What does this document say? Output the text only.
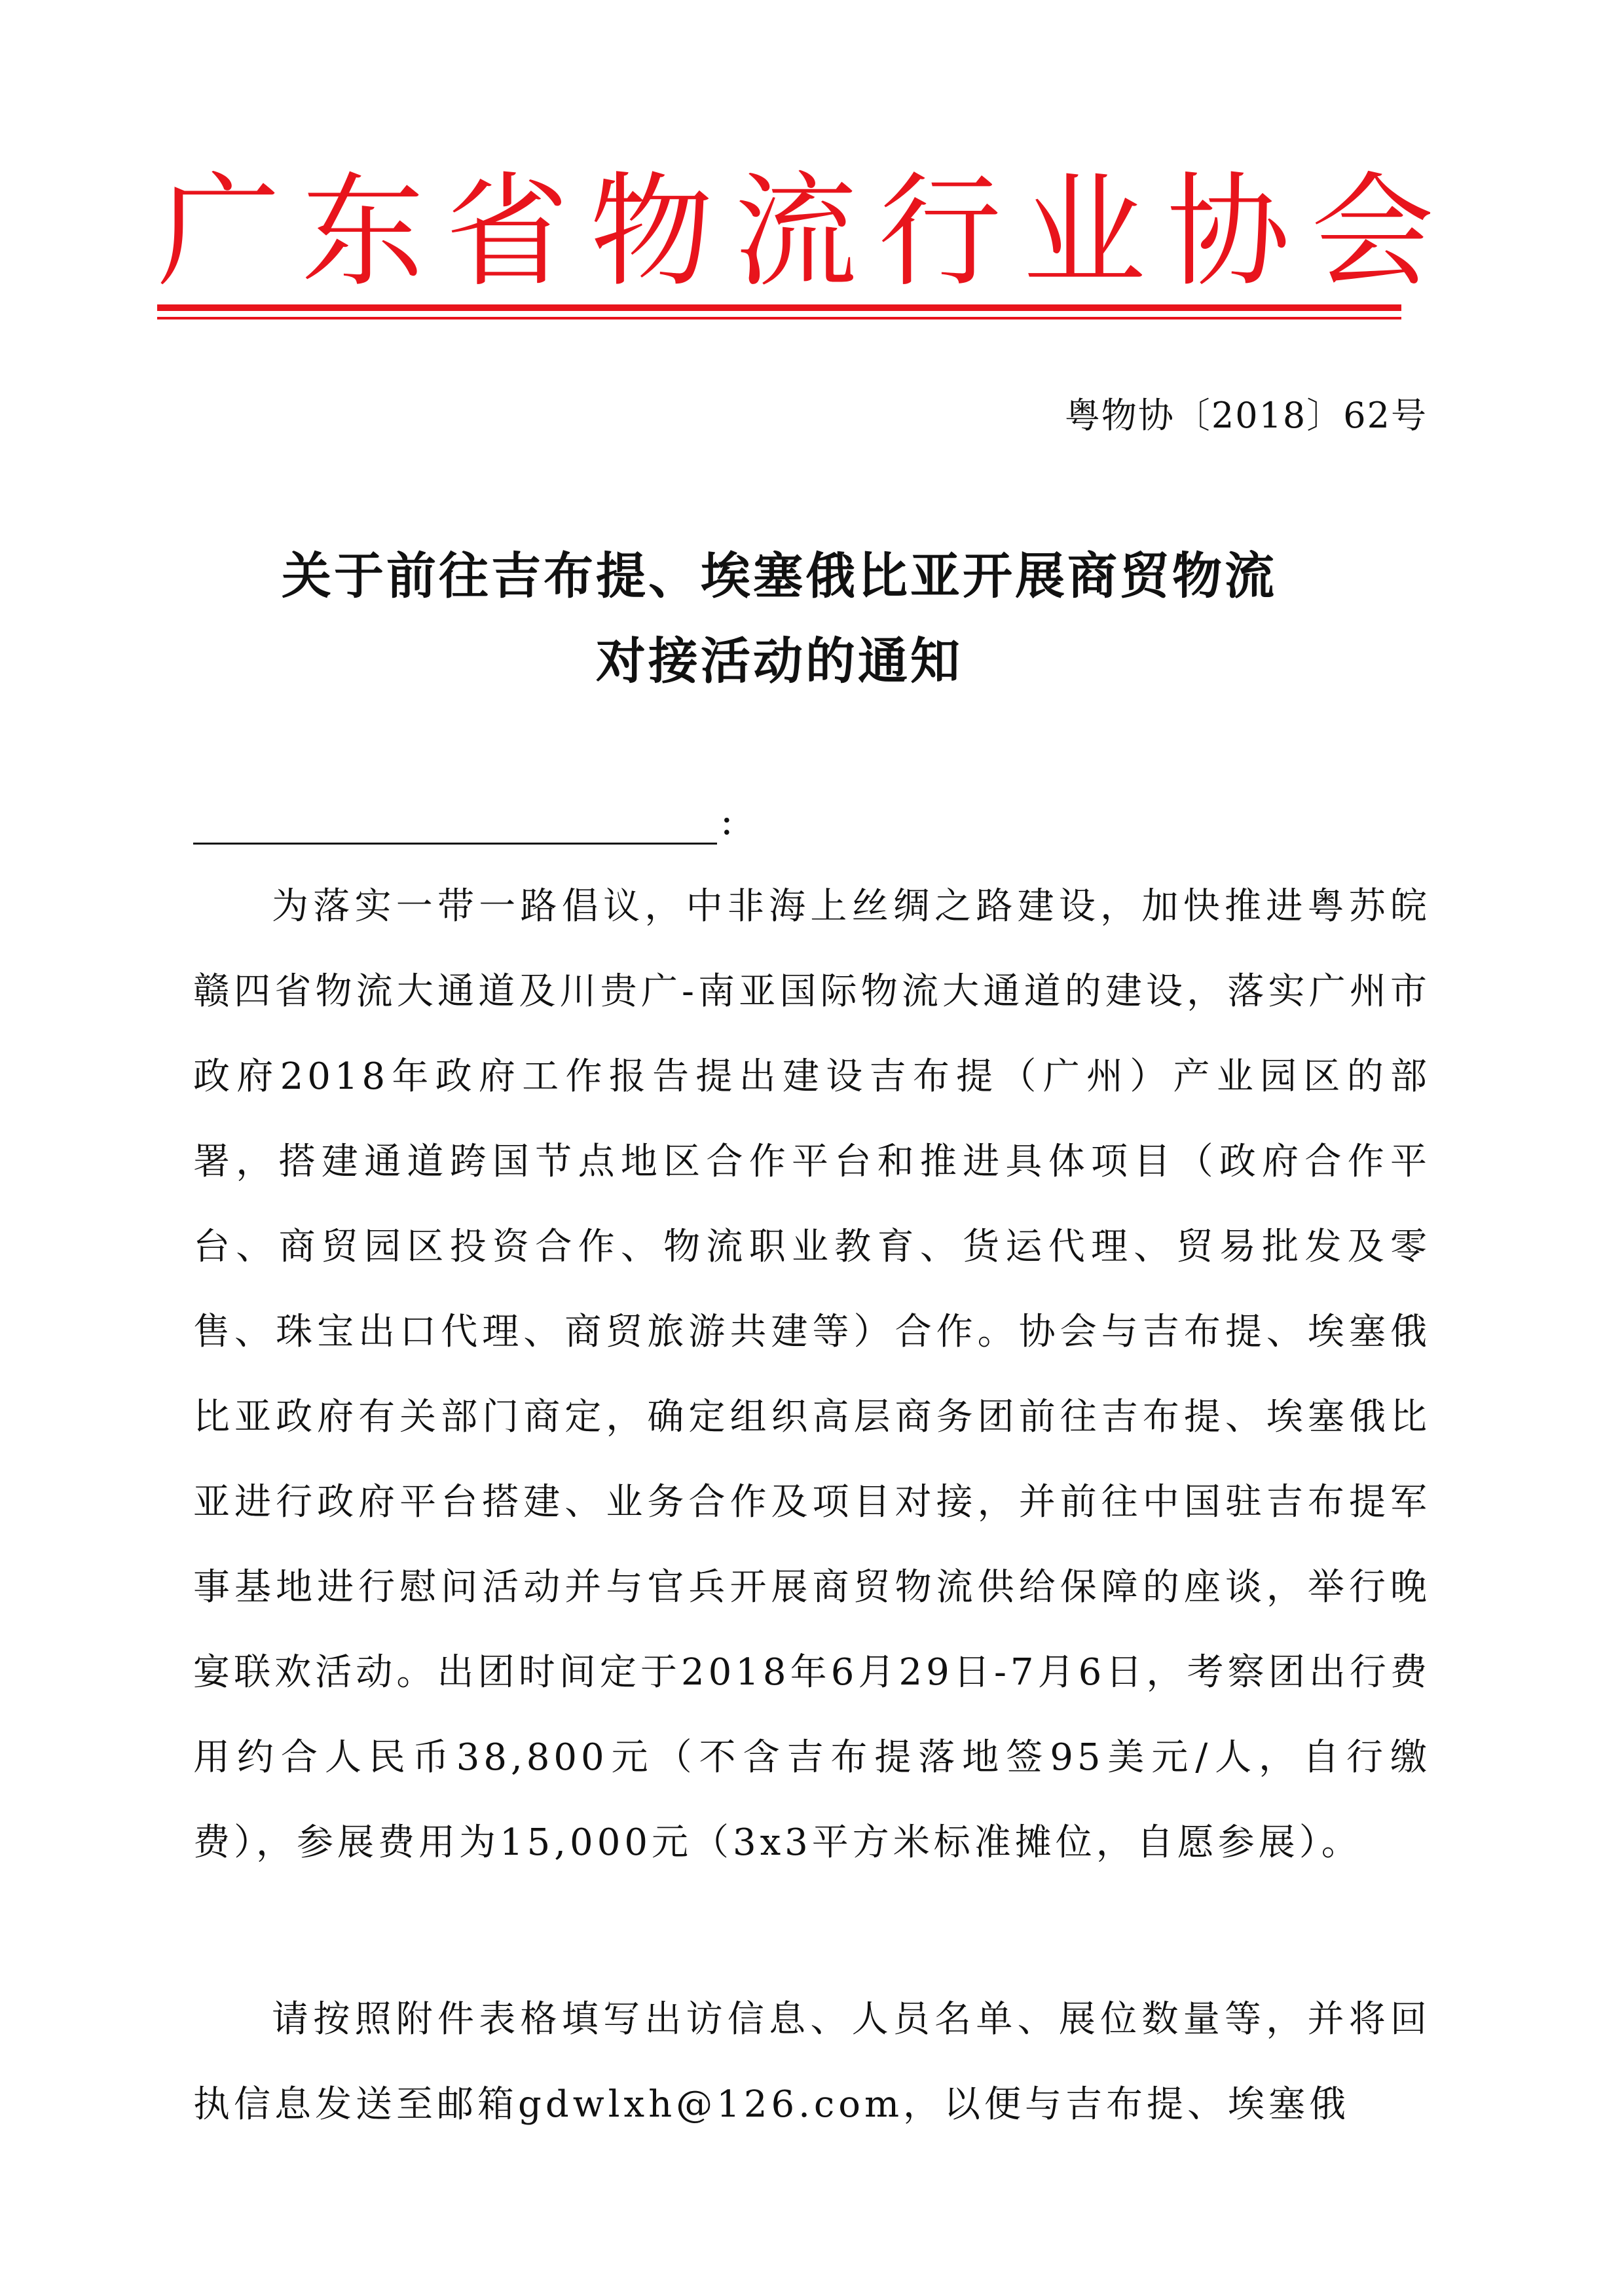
广 东 省 物 流 行 业 协 会
粤物协〔2018〕62号
关于前往吉布提、埃塞俄比亚开展商贸物流
对接活动的通知
:

为落实一带一路倡议，中非海上丝绸之路建设，加快推进粤苏皖赣四省物流大通道及川贵广-南亚国际物流大通道的建设，落实广州市政府2018年政府工作报告提出建设吉布提（广州）产业园区的部署，搭建通道跨国节点地区合作平台和推进具体项目（政府合作平台、商贸园区投资合作、物流职业教育、货运代理、贸易批发及零售、珠宝出口代理、商贸旅游共建等）合作。协会与吉布提、埃塞俄比亚政府有关部门商定，确定组织高层商务团前往吉布提、埃塞俄比亚进行政府平台搭建、业务合作及项目对接，并前往中国驻吉布提军事基地进行慰问活动并与官兵开展商贸物流供给保障的座谈，举行晚宴联欢活动。出团时间定于2018年6月29日-7月6日，考察团出行费用约合人民币38,800元（不含吉布提落地签95美元/人，自行缴费），参展费用为15,000元（3x3平方米标准摊位，自愿参展）。

请按照附件表格填写出访信息、人员名单、展位数量等，并将回执信息发送至邮箱gdwlxh@126.com，以便与吉布提、埃塞俄
